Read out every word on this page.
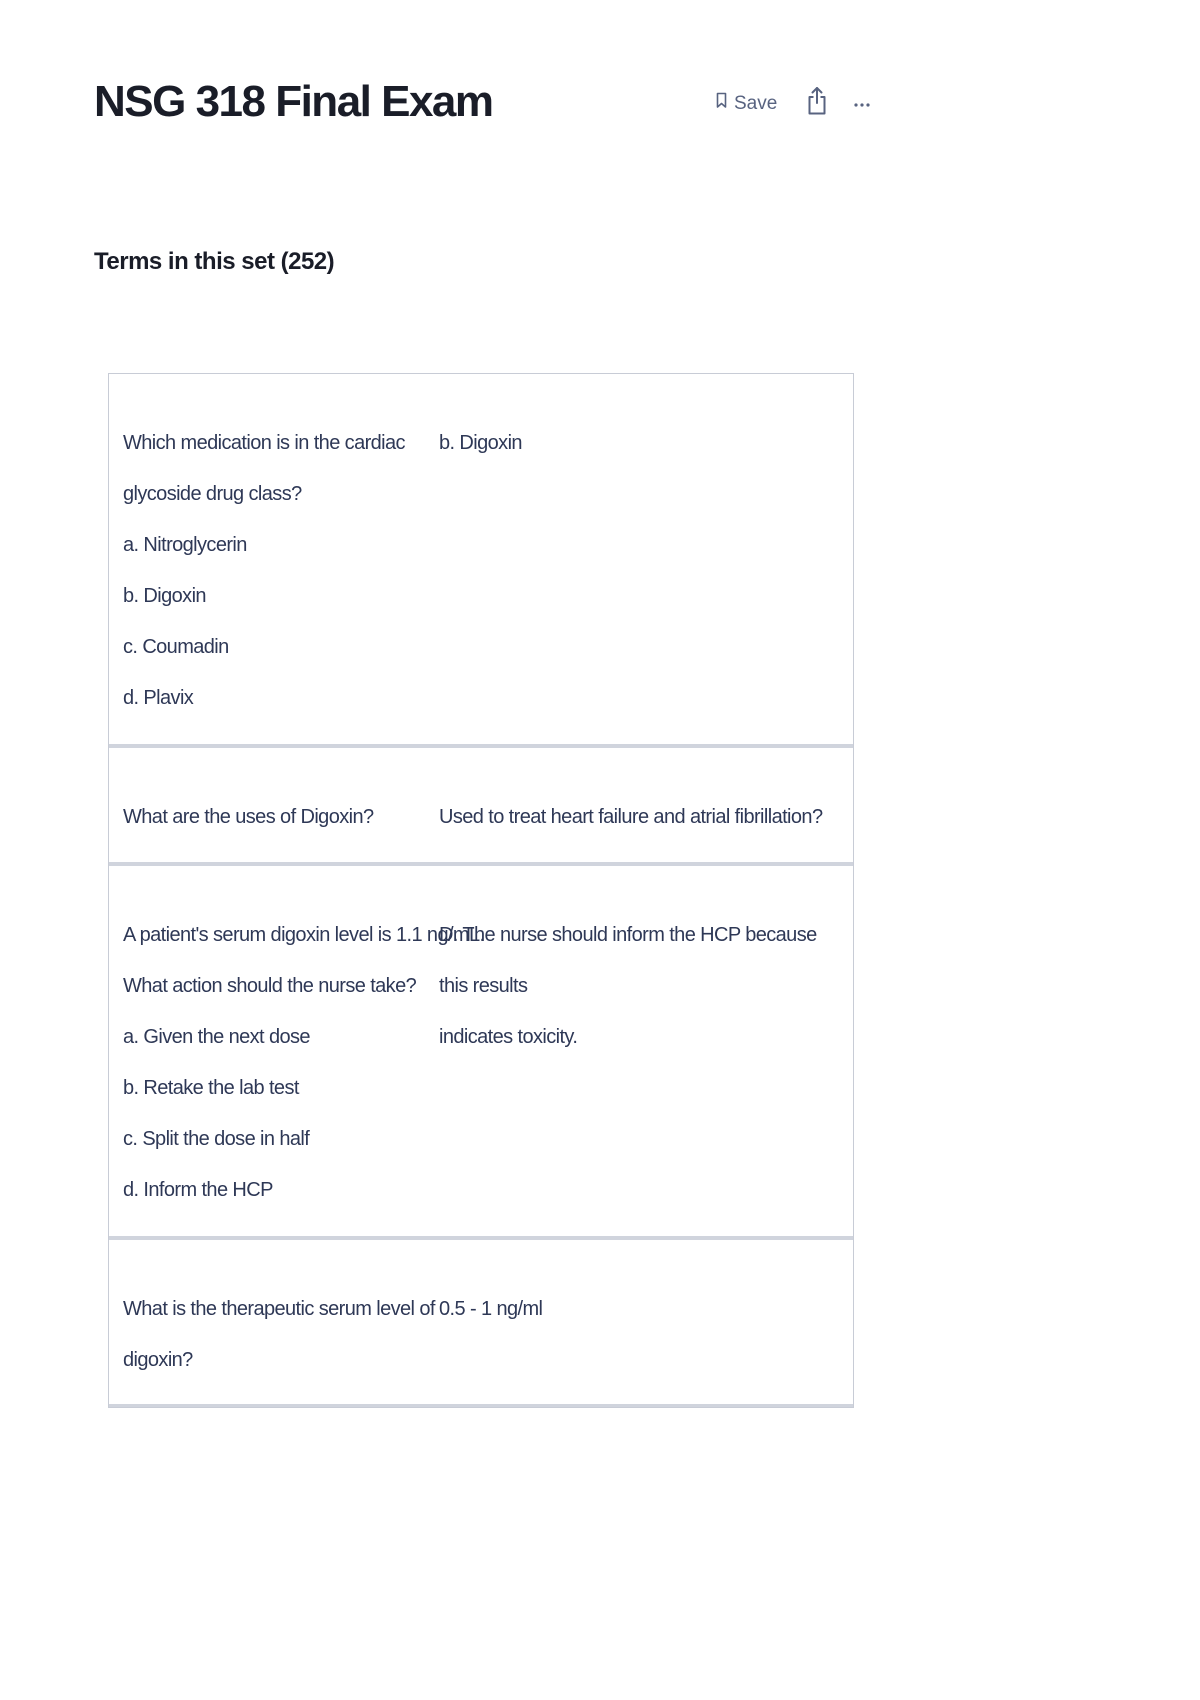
NSG 318 Final Exam	Save
Terms in this set (252)
Which medication is in the cardiac
glycoside drug class?
a. Nitroglycerin
b. Digoxin
c. Coumadin
d. Plavix
b. Digoxin
What are the uses of Digoxin?	Used to treat heart failure and atrial fibrillation?
A patient's serum digoxin level is 1.1 ng/mL.
What action should the nurse take?
a. Given the next dose
b. Retake the lab test
c. Split the dose in half
d. Inform the HCP
D. The nurse should inform the HCP because this results
indicates toxicity.
What is the therapeutic serum level of
digoxin?
0.5 - 1 ng/ml
